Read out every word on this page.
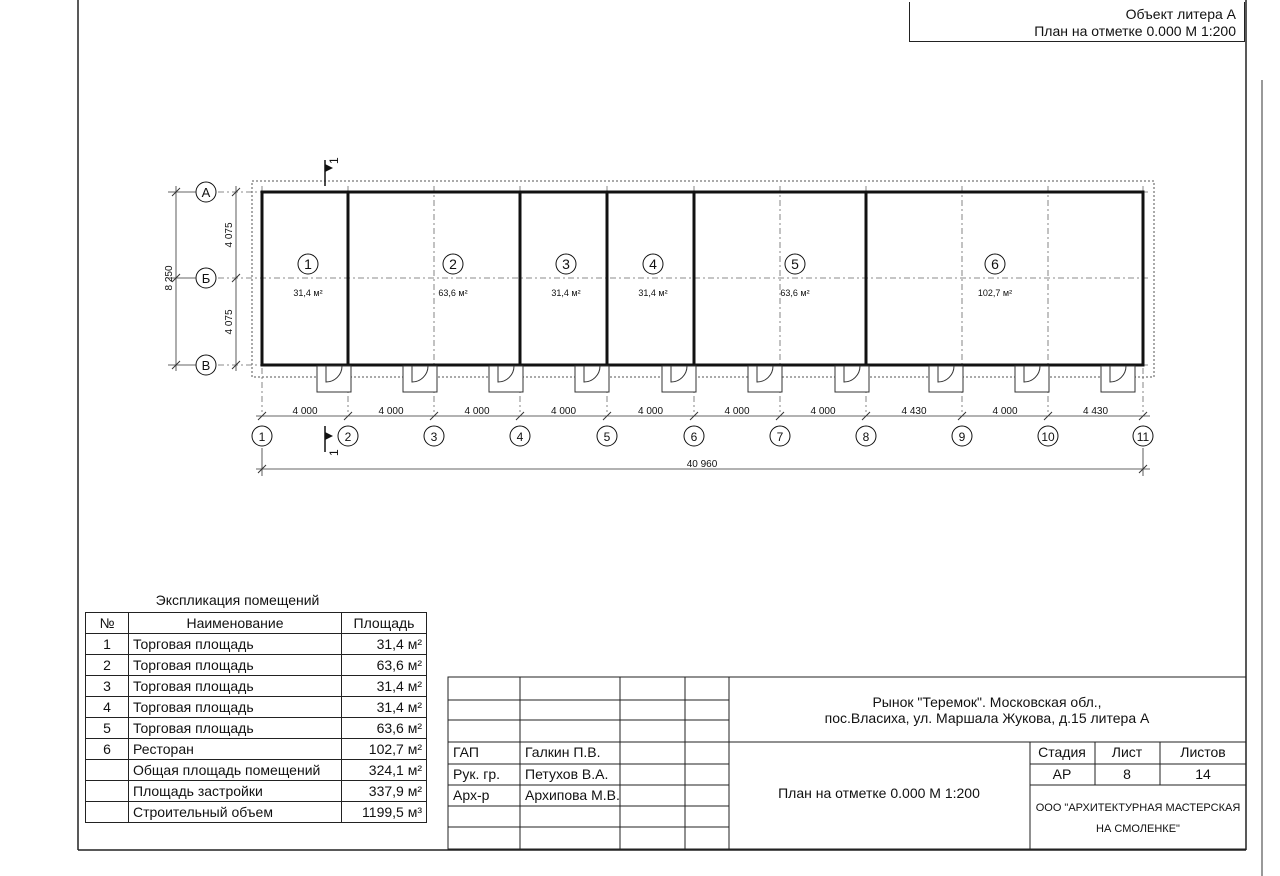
1
31,4 м²
2
63,6 м²
3
31,4 м²
4
31,4 м²
5
63,6 м²
6
102,7 м²
А
Б
В
8 250
4 075
4 075
4 000	4 000	4 000	4 000	4 000	4 000	4 000	4 430	4 000	4 430
1	2	3	4	5	6	7	8	9	10	11
40 960
1
1
Рынок "Теремок". Московская обл.,
пос.Власиха, ул. Маршала Жукова, д.15 литера А
ГАП	Галкин П.В.
Рук. гр. Петухов В.А.
Арх-р	Архипова М.В.	План на отметке 0.000 М 1:200
Стадия Лист	Листов
АР	8	14
ООО "АРХИТЕКТУРНАЯ МАСТЕРСКАЯ
НА СМОЛЕНКЕ"
Объект литера А
План на отметке 0.000 М 1:200
Экспликация помещений
№	Наименование	Площадь
1	Торговая площадь	31,4 м²
2	Торговая площадь	63,6 м²
3	Торговая площадь	31,4 м²
4	Торговая площадь	31,4 м²
5	Торговая площадь	63,6 м²
6	Ресторан	102,7 м²
	Общая площадь помещений	324,1 м²
	Площадь застройки	337,9 м²
	Строительный объем	1199,5 м³
